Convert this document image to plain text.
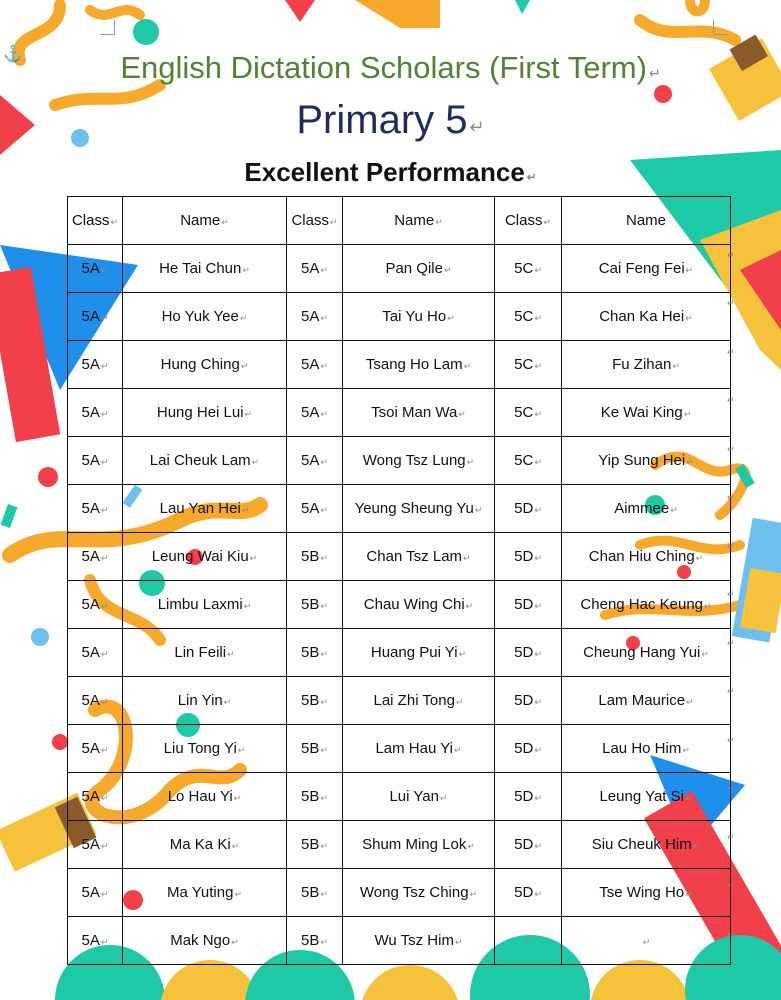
⚓	English Dictation Scholars (First Term) ↵
Primary 5 ↵
Excellent Performance ↵
Class↵	Name↵	Class↵	Name↵	Class↵	Name
5A↵	He Tai Chun↵	5A↵	Pan Qile↵	5C↵	Cai Feng Fei↵
5A↵	Ho Yuk Yee↵	5A↵	Tai Yu Ho↵	5C↵	Chan Ka Hei↵
5A↵	Hung Ching↵	5A↵	Tsang Ho Lam↵	5C↵	Fu Zihan↵
5A↵	Hung Hei Lui↵	5A↵	Tsoi Man Wa↵	5C↵	Ke Wai King↵
5A↵	Lai Cheuk Lam↵	5A↵	Wong Tsz Lung↵	5C↵	Yip Sung Hei↵
5A↵	Lau Yan Hei↵	5A↵	Yeung Sheung Yu↵	5D↵	Aimmee↵
5A↵	Leung Wai Kiu↵	5B↵	Chan Tsz Lam↵	5D↵	Chan Hiu Ching↵
5A↵	Limbu Laxmi↵	5B↵	Chau Wing Chi↵	5D↵	Cheng Hac Keung↵
5A↵	Lin Feili↵	5B↵	Huang Pui Yi↵	5D↵	Cheung Hang Yui↵
5A↵	Lin Yin↵	5B↵	Lai Zhi Tong↵	5D↵	Lam Maurice↵
5A↵	Liu Tong Yi↵	5B↵	Lam Hau Yi↵	5D↵	Lau Ho Him↵
5A↵	Lo Hau Yi↵	5B↵	Lui Yan↵	5D↵	Leung Yat Si↵
5A↵	Ma Ka Ki↵	5B↵	Shum Ming Lok↵	5D↵	Siu Cheuk Him↵
5A↵	Ma Yuting↵	5B↵	Wong Tsz Ching↵	5D↵	Tse Wing Ho↵
5A↵	Mak Ngo↵	5B↵	Wu Tsz Him↵	↵	↵
↵
↵
↵
↵
↵
↵
↵
↵
↵
↵
↵
↵
↵
↵
↵
↵
